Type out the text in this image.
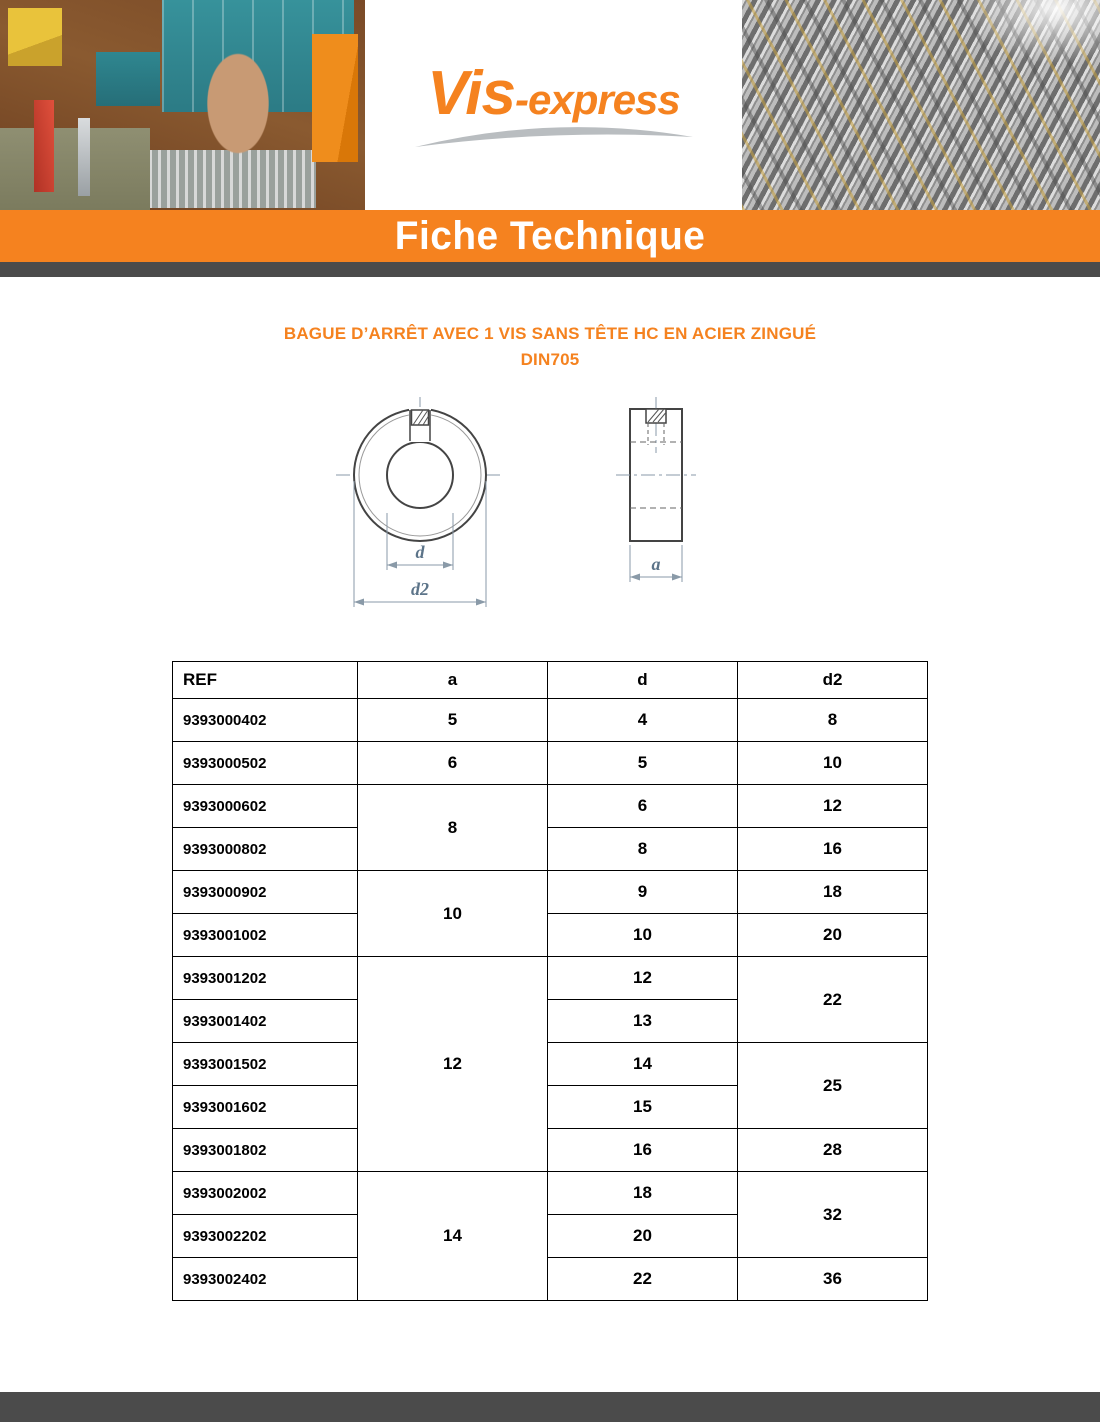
Vis -express
Fiche Technique
BAGUE D’ARRÊT AVEC 1 VIS SANS TÊTE HC EN ACIER ZINGUÉ
DIN705
d
d2
a
REF	a	d	d2
9393000402	5	4	8
9393000502	6	5	10
9393000602	8	6	12
9393000802		8	16
9393000902	10	9	18
9393001002		10	20
9393001202	12	12	22
9393001402		13	
9393001502		14	25
9393001602		15	
9393001802		16	28
9393002002	14	18	32
9393002202		20	
9393002402		22	36
